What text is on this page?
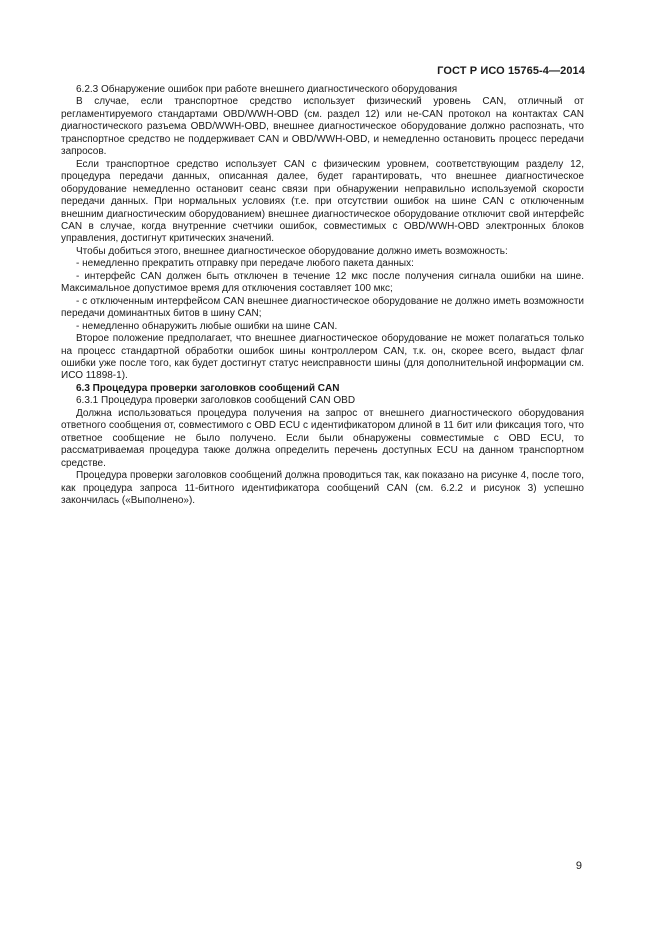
ГОСТ Р ИСО 15765-4—2014

6.2.3 Обнаружение ошибок при работе внешнего диагностического оборудования

В случае, если транспортное средство использует физический уровень CAN, отличный от регламентируемого стандартами OBD/WWH-OBD (см. раздел 12) или не-CAN протокол на контактах CAN диагностического разъема OBD/WWH-OBD, внешнее диагностическое оборудование должно распознать, что транспортное средство не поддерживает CAN и OBD/WWH-OBD, и немедленно остановить процесс передачи запросов.

Если транспортное средство использует CAN с физическим уровнем, соответствующим разделу 12, процедура передачи данных, описанная далее, будет гарантировать, что внешнее диагностическое оборудование немедленно остановит сеанс связи при обнаружении неправильно используемой скорости передачи данных. При нормальных условиях (т.е. при отсутствии ошибок на шине CAN с отключенным внешним диагностическим оборудованием) внешнее диагностическое оборудование отключит свой интерфейс CAN в случае, когда внутренние счетчики ошибок, совместимых с OBD/WWH-OBD электронных блоков управления, достигнут критических значений.

Чтобы добиться этого, внешнее диагностическое оборудование должно иметь возможность:

- немедленно прекратить отправку при передаче любого пакета данных:

- интерфейс CAN должен быть отключен в течение 12 мкс после получения сигнала ошибки на шине. Максимальное допустимое время для отключения составляет 100 мкс;

- с отключенным интерфейсом CAN внешнее диагностическое оборудование не должно иметь возможности передачи доминантных битов в шину CAN;

- немедленно обнаружить любые ошибки на шине CAN.

Второе положение предполагает, что внешнее диагностическое оборудование не может полагаться только на процесс стандартной обработки ошибок шины контроллером CAN, т.к. он, скорее всего, выдаст флаг ошибки уже после того, как будет достигнут статус неисправности шины (для дополнительной информации см. ИСО 11898-1).

6.3 Процедура проверки заголовков сообщений CAN

6.3.1 Процедура проверки заголовков сообщений CAN OBD

Должна использоваться процедура получения на запрос от внешнего диагностического оборудования ответного сообщения от, совместимого с OBD ECU с идентификатором длиной в 11 бит или фиксация того, что ответное сообщение не было получено. Если были обнаружены совместимые с OBD ECU, то рассматриваемая процедура также должна определить перечень доступных ECU на данном транспортном средстве.

Процедура проверки заголовков сообщений должна проводиться так, как показано на рисунке 4, после того, как процедура запроса 11-битного идентификатора сообщений CAN (см. 6.2.2 и рисунок 3) успешно закончилась («Выполнено»).

9
